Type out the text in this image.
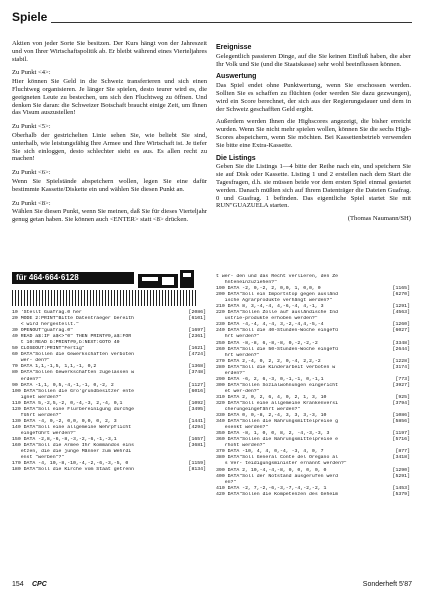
Spiele

Aktien von jeder Sorte Sie besitzen. Der Kurs hängt von der Jahreszeit und von Ihrer Wirtschaftspolitik ab. Er bleibt während eines Vierteljahres stabil.

Zu Punkt <4>:

Hier können Sie Geld in die Schweiz transferieren und sich einen Fluchtweg organisieren. Je länger Sie spielen, desto teurer wird es, die geeigneten Leute zu bestechen, um sich den Fluchtweg zu öffnen. Und denken Sie daran: die Schweizer Botschaft braucht einige Zeit, um Ihnen das Visum auszustellen!

Zu Punkt <5>:

Oberhalb der gestrichelten Linie sehen Sie, wie beliebt Sie sind, unterhalb, wie leistungsfähig Ihre Armee und Ihre Wirtschaft ist. Je tiefer Sie sich einloggen, desto schlechter sieht es aus. Es allen recht zu machen!

Zu Punkt <6>:

Wenn Sie Spielstände abspeichern wollen, legen Sie eine dafür bestimmte Kassette/Diskette ein und wählen Sie diesen Punkt an.

Zu Punkt <8>:

Wählen Sie diesen Punkt, wenn Sie meinen, daß Sie für dieses Vierteljahr genug getan haben. Sie können auch <ENTER> statt <8> drücken.

Ereignisse

Gelegentlich passieren Dinge, auf die Sie keinen Einfluß haben, die aber Ihr Volk und Sie (und die Staatskasse) sehr wohl beeinflussen können.

Auswertung

Das Spiel endet ohne Punktwertung, wenn Sie erschossen werden. Sollten Sie es schaffen zu flüchten (oder werden Sie dazu gezwungen), wird ein Score berechnet, der sich aus der Regierungsdauer und dem in der Schweiz geschafften Geld ergibt.

Außerdem werden Ihnen die Highscores angezeigt, die bisher erreicht wurden. Wenn Sie nicht mehr spielen wollen, können Sie die sechs High-Scores abspeichern, wenn Sie möchten. Bei Kassettenbetrieb verwenden Sie bitte eine Extra-Kassette.

Die Listings

Geben Sie die Listings 1—4 bitte der Reihe nach ein, und speichern Sie sie auf Disk oder Kassette. Listing 1 und 2 erstellen nach dem Start die Tagesfragen, d.h. sie müssen beide vor dem ersten Spiel einmal gestartet werden. Danach müßten sich auf Ihrem Datenträger die Dateien Guafrag. 0 und Guafrag. 1 befinden. Das eigentliche Spiel startet Sie mit RUN"GUAZUELA starten.

(Thomas Naumann/SH)
für 464·664·6128
10 'Stellt Guafrag.0 her	[2086]
20 MODE 2:PRINT"Bitte Datentraeger bereith	[6101]
< wird hergestellt."
30 OPENOUT"guafrag.0"	[1697]
40 READ a$:IF a$<>"0" THEN PRINT#9,a$:FOR	[2361]
t 10:READ b:PRINT#9,b:NEXT:GOTO 40
50 CLOSEOUT:PRINT"Fertig"	[1621]
60 DATA"Sollen die Gewerkschaften verboten	[4724]
wer- den?"
70 DATA 1,1,-1,5, 1,1,-1, 0,2	[1368]
80 DATA"Sollen Gewerkschaften zugelassen w	[3748]
erden?"
90 DATA -1,1, 0,5,-4,-1,-1, 0,-2, 2	[1127]
100 DATA"Sollen die Gro'grundbesitzer ente	[6016]
ignet werden?"
110 DATA 5,-2,5,-2, 0,-4,-3, 2,-4, 0,1	[1092]
120 DATA"Soll eine Flurbereinigung durchge	[3495]
führt werden?"
130 DATA -4, 0,-2, 0,0, 0,0, 0, 2, 3	[1441]
140 DATA"Soll eine allgemeine Wehrpflicht	[4294]
eingeführt werden?"
150 DATA -2,8,-6,-8,-3,-2,-6,-1,-3,1	[1657]
160 DATA"Soll die Armee Ihr Kommandos eins	[3681]
etzen, die die junge Männer zum Wehrdi
enst "werben"?"
170 DATA -4, 10,-8,-10,-4,-2,-6,-3,-5, 0	[1159]
180 DATA"Soll die Kirche vom Staat getrenn	[8134]
t wer- den und das Recht verlieren, den Ze
hnteneinzuziehen?"
190 DATA -2, 0,-2, 2, 0,0, 1, 0,0, 0	[1165]
200 DATA"Soll ein Importstop gegen ausländ	[6270]
ische Agrarprodukte verhängt werden?"
210 DATA 8, 3,-4,-4, 4,-6,-4, 4,-1, 3	[1291]
220 DATA"Sollen Zölle auf ausländische Ind	[4563]
ustrie-produkte erhoben werden?"
230 DATA -4,-4, 4,-4, 3,-2,-4,4,-5,-4	[1260]
240 DATA"Soll die 40-Stunden-Woche eingefü	[6027]
hrt werden?"
250 DATA -8,-8, 6,-8,-8, 0,-2,-2,-2	[3348]
260 DATA"Soll die 50-Stunden-Woche eingefü	[2644]
hrt werden?"
270 DATA 2,-4, 0, 2, 2, 0,-4, 2,2,-2	[1228]
280 DATA"Soll die Kinderarbeit verboten w	[3174]
erden?"
290 DATA -6, 2, 6,-3, 0,-1,-1, 0,-1,1	[773]
300 DATA"Sollen Sozialwohnungen eingericht	[3927]
et wer-den?"
310 DATA 2, 0, 2, 6, 4, 0, 2, 1, 3, 10	[925]
320 DATA"Soll eine allgemeine Krankenversi	[3794]
cherungeingefährt werden?"
330 DATA 0, 0,-8, 2,-4, 3, 3, 3,-3, 10	[1086]
340 DATA"Sollen die Nahrungsmittelpreise g	[5856]
esenkt werden?"
350 DATA -8, 1, 0, 0, 8, 2, -4,-3,-3, 3	[1197]
360 DATA"Sollen die Nahrungsmittelpreise e	[5716]
rhöht werden?"
370 DATA -10, 4, 4, 0,-4, -3, 4, 0, 7	[877]
380 DATA"Soll General Conte del Oregano al	[3418]
s Ver- teidigungsminister ernannt werden?"
390 DATA 2, 10,-4,-4,-8, 0, 0, 0, 0, 0	[1290]
400 DATA"Soll der Notstand ausgerufen werd	[5291]
en?"
410 DATA -2, 7,-2,-6,-3,-7,-4,-2,-2, 1	[1453]
420 DATA"Sollen die Kompetenzen des Geheim	[5379]
154 CPC	Sonderheft 5'87
